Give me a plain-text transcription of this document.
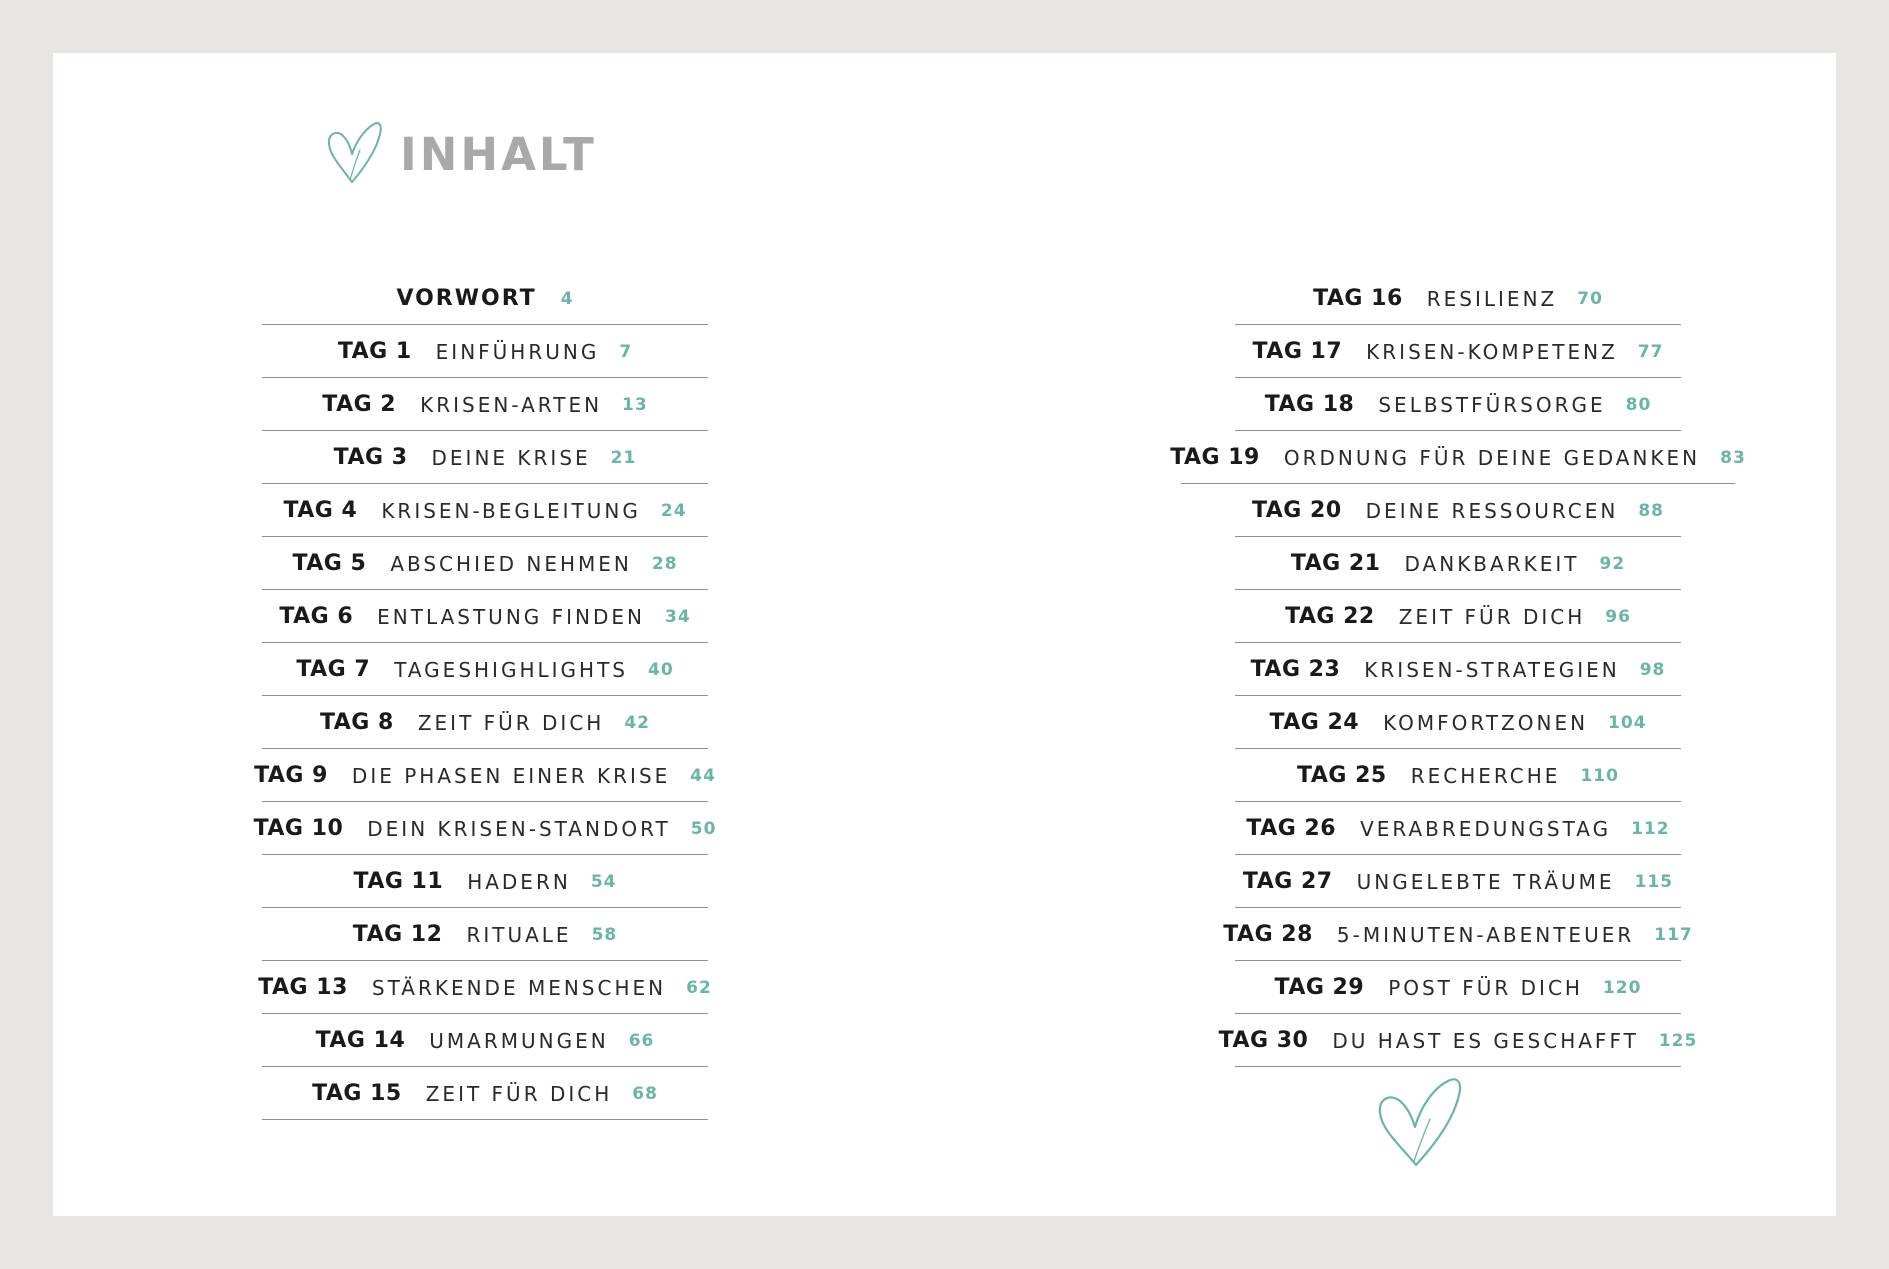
INHALT
VORWORT 4
TAG 1 EINFÜHRUNG 7
TAG 2 KRISEN-ARTEN 13
TAG 3 DEINE KRISE 21
TAG 4 KRISEN-BEGLEITUNG 24
TAG 5 ABSCHIED NEHMEN 28
TAG 6 ENTLASTUNG FINDEN 34
TAG 7 TAGESHIGHLIGHTS 40
TAG 8 ZEIT FÜR DICH 42
TAG 9 DIE PHASEN EINER KRISE 44
TAG 10 DEIN KRISEN-STANDORT 50
TAG 11 HADERN 54
TAG 12 RITUALE 58
TAG 13 STÄRKENDE MENSCHEN 62
TAG 14 UMARMUNGEN 66
TAG 15 ZEIT FÜR DICH 68
TAG 16 RESILIENZ 70
TAG 17 KRISEN-KOMPETENZ 77
TAG 18 SELBSTFÜRSORGE 80
TAG 19 ORDNUNG FÜR DEINE GEDANKEN 83
TAG 20 DEINE RESSOURCEN 88
TAG 21 DANKBARKEIT 92
TAG 22 ZEIT FÜR DICH 96
TAG 23 KRISEN-STRATEGIEN 98
TAG 24 KOMFORTZONEN 104
TAG 25 RECHERCHE 110
TAG 26 VERABREDUNGSTAG 112
TAG 27 UNGELEBTE TRÄUME 115
TAG 28 5-MINUTEN-ABENTEUER 117
TAG 29 POST FÜR DICH 120
TAG 30 DU HAST ES GESCHAFFT 125
